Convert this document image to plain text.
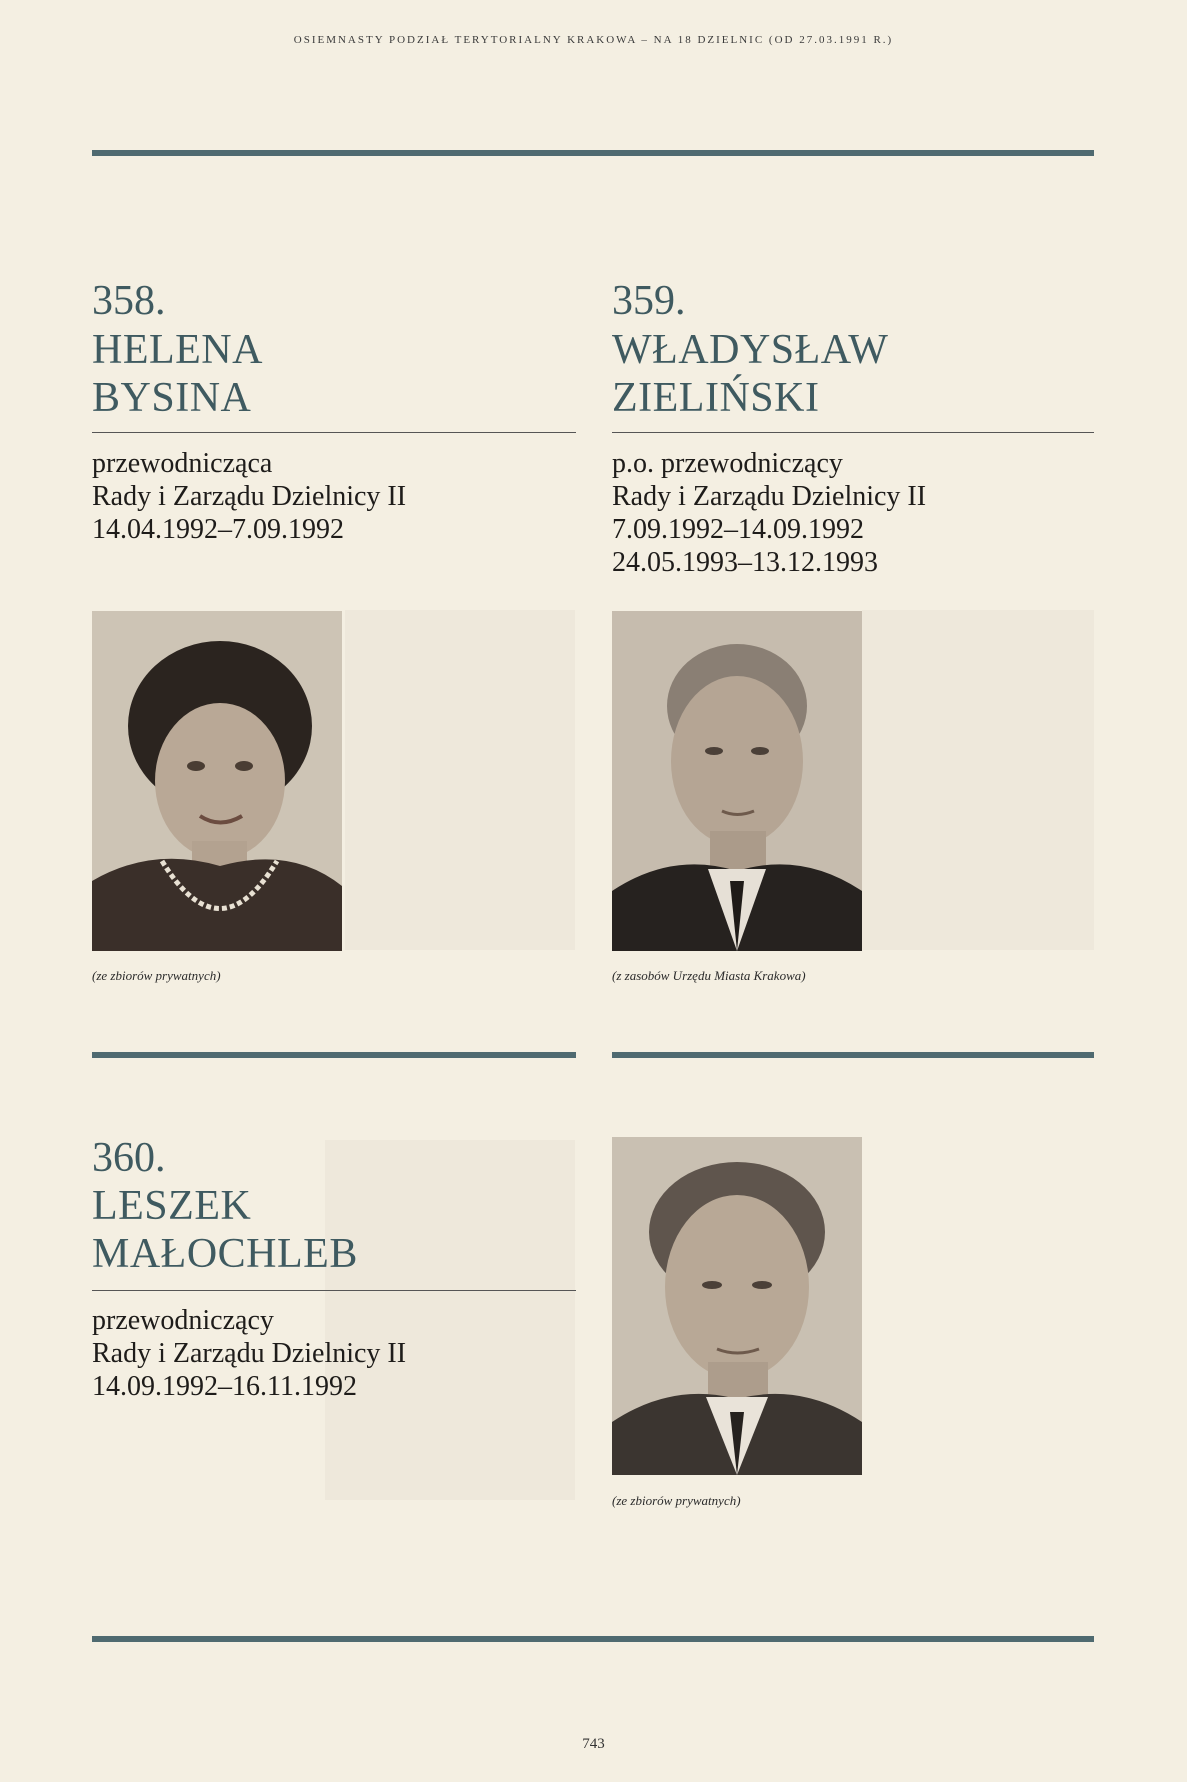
OSIEMNASTY PODZIAŁ TERYTORIALNY KRAKOWA – NA 18 DZIELNIC (OD 27.03.1991 R.)
358.
HELENA
BYSINA
przewodnicząca
Rady i Zarządu Dzielnicy II
14.04.1992–7.09.1992
(ze zbiorów prywatnych)
359.
WŁADYSŁAW
ZIELIŃSKI
p.o. przewodniczący
Rady i Zarządu Dzielnicy II
7.09.1992–14.09.1992
24.05.1993–13.12.1993
(z zasobów Urzędu Miasta Krakowa)
360.
LESZEK
MAŁOCHLEB
przewodniczący
Rady i Zarządu Dzielnicy II
14.09.1992–16.11.1992
(ze zbiorów prywatnych)
743
